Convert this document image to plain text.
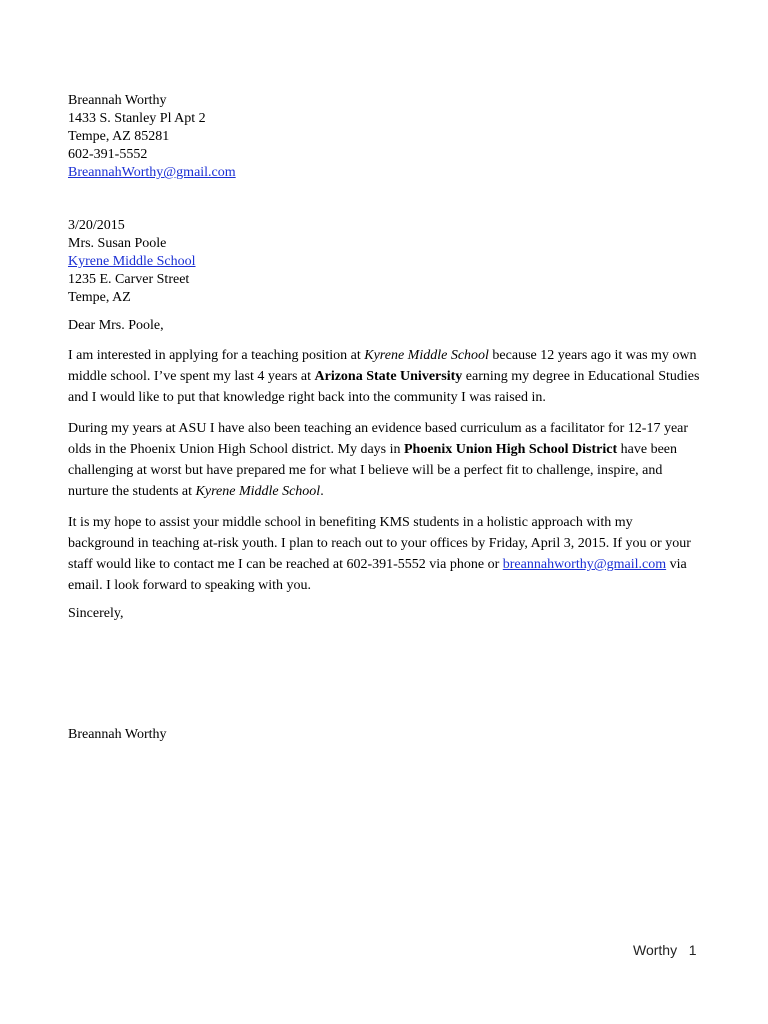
Breannah Worthy
1433 S. Stanley Pl Apt 2
Tempe, AZ 85281
602-391-5552
BreannahWorthy@gmail.com
3/20/2015
Mrs. Susan Poole
Kyrene Middle School
1235 E. Carver Street
Tempe, AZ
Dear Mrs. Poole,

I am interested in applying for a teaching position at Kyrene Middle School because 12 years ago it was my own middle school. I’ve spent my last 4 years at Arizona State University earning my degree in Educational Studies and I would like to put that knowledge right back into the community I was raised in.

During my years at ASU I have also been teaching an evidence based curriculum as a facilitator for 12-17 year olds in the Phoenix Union High School district. My days in Phoenix Union High School District have been challenging at worst but have prepared me for what I believe will be a perfect fit to challenge, inspire, and nurture the students at Kyrene Middle School.

It is my hope to assist your middle school in benefiting KMS students in a holistic approach with my background in teaching at-risk youth. I plan to reach out to your offices by Friday, April 3, 2015. If you or your staff would like to contact me I can be reached at 602-391-5552 via phone or breannahworthy@gmail.com via email. I look forward to speaking with you.

Sincerely,
Breannah Worthy
Worthy 1
